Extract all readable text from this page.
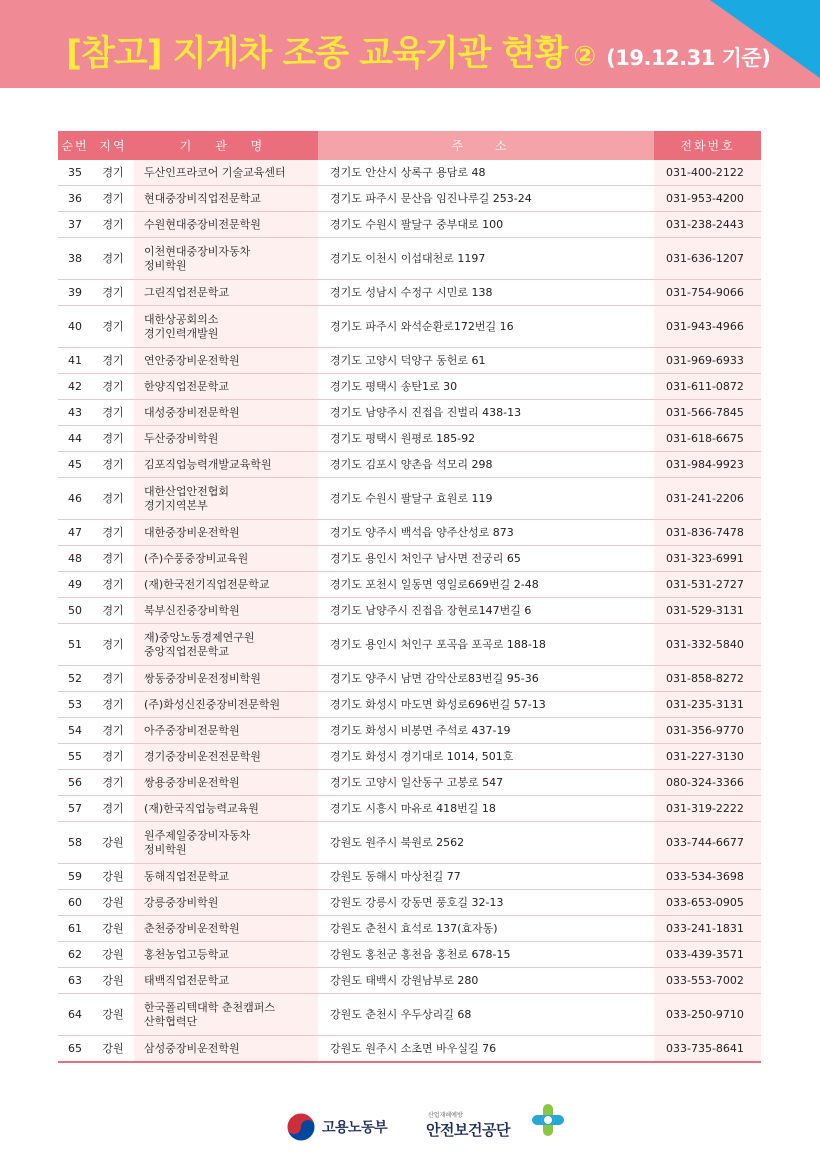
[참고] 지게차 조종 교육기관 현황 ② (19.12.31 기준)
순번	지역	기 관 명	주 소	전화번호
35	경기	두산인프라코어 기술교육센터	경기도 안산시 상록구 용담로 48	031-400-2122
36	경기	현대중장비직업전문학교	경기도 파주시 문산읍 임진나루길 253-24	031-953-4200
37	경기	수원현대중장비전문학원	경기도 수원시 팔달구 중부대로 100	031-238-2443
38	경기	이천현대중장비자동차
정비학원	경기도 이천시 이섭대천로 1197	031-636-1207
39	경기	그린직업전문학교	경기도 성남시 수정구 시민로 138	031-754-9066
40	경기	대한상공회의소
경기인력개발원	경기도 파주시 와석순환로172번길 16	031-943-4966
41	경기	연안중장비운전학원	경기도 고양시 덕양구 동헌로 61	031-969-6933
42	경기	한양직업전문학교	경기도 평택시 송탄1로 30	031-611-0872
43	경기	대성중장비전문학원	경기도 남양주시 진접읍 진벌리 438-13	031-566-7845
44	경기	두산중장비학원	경기도 평택시 원평로 185-92	031-618-6675
45	경기	김포직업능력개발교육학원	경기도 김포시 양촌읍 석모리 298	031-984-9923
46	경기	대한산업안전협회
경기지역본부	경기도 수원시 팔달구 효원로 119	031-241-2206
47	경기	대한중장비운전학원	경기도 양주시 백석읍 양주산성로 873	031-836-7478
48	경기	(주)수풍중장비교육원	경기도 용인시 처인구 남사면 전궁리 65	031-323-6991
49	경기	(재)한국전기직업전문학교	경기도 포천시 일동면 영일로669번길 2-48	031-531-2727
50	경기	북부신진중장비학원	경기도 남양주시 진접읍 장현로147번길 6	031-529-3131
51	경기	재)중앙노동경제연구원
중앙직업전문학교	경기도 용인시 처인구 포곡읍 포곡로 188-18	031-332-5840
52	경기	쌍동중장비운전정비학원	경기도 양주시 남면 감악산로83번길 95-36	031-858-8272
53	경기	(주)화성신진중장비전문학원	경기도 화성시 마도면 화성로696번길 57-13	031-235-3131
54	경기	아주중장비전문학원	경기도 화성시 비봉면 주석로 437-19	031-356-9770
55	경기	경기중장비운전전문학원	경기도 화성시 경기대로 1014, 501호	031-227-3130
56	경기	쌍용중장비운전학원	경기도 고양시 일산동구 고봉로 547	080-324-3366
57	경기	(재)한국직업능력교육원	경기도 시흥시 마유로 418번길 18	031-319-2222
58	강원	원주제일중장비자동차
정비학원	강원도 원주시 북원로 2562	033-744-6677
59	강원	동해직업전문학교	강원도 동해시 마상천길 77	033-534-3698
60	강원	강릉중장비학원	강원도 강릉시 강동면 풍호길 32-13	033-653-0905
61	강원	춘천중장비운전학원	강원도 춘천시 효석로 137(효자동)	033-241-1831
62	강원	홍천농업고등학교	강원도 홍천군 홍천읍 홍천로 678-15	033-439-3571
63	강원	태백직업전문학교	강원도 태백시 강원남부로 280	033-553-7002
64	강원	한국폴리텍대학 춘천캠퍼스
산학협력단	강원도 춘천시 우두상리길 68	033-250-9710
65	강원	삼성중장비운전학원	강원도 원주시 소초면 바우실길 76	033-735-8641
고용노동부
산업재해예방
안전보건공단
